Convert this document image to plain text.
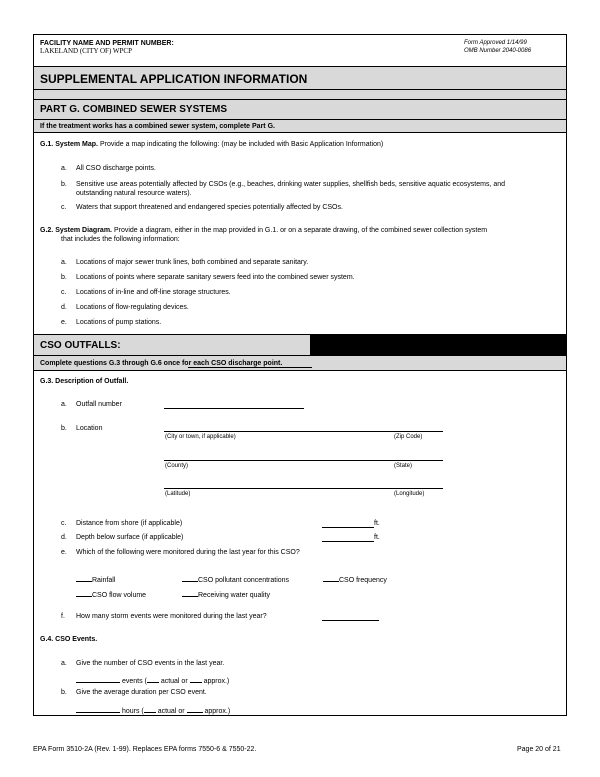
FACILITY NAME AND PERMIT NUMBER:
LAKELAND (CITY OF) WPCP
Form Approved 1/14/99
OMB Number 2040-0086
SUPPLEMENTAL APPLICATION INFORMATION
PART G. COMBINED SEWER SYSTEMS
If the treatment works has a combined sewer system, complete Part G.
G.1. System Map. Provide a map indicating the following: (may be included with Basic Application Information)
a. All CSO discharge points.
b. Sensitive use areas potentially affected by CSOs (e.g., beaches, drinking water supplies, shellfish beds, sensitive aquatic ecosystems, and
outstanding natural resource waters).
c. Waters that support threatened and endangered species potentially affected by CSOs.
G.2. System Diagram. Provide a diagram, either in the map provided in G.1. or on a separate drawing, of the combined sewer collection system
that includes the following information:
a. Locations of major sewer trunk lines, both combined and separate sanitary.
b. Locations of points where separate sanitary sewers feed into the combined sewer system.
c. Locations of in-line and off-line storage structures.
d. Locations of flow-regulating devices.
e. Locations of pump stations.
CSO OUTFALLS:
Complete questions G.3 through G.6 once for each CSO discharge point.
G.3. Description of Outfall.
a. Outfall number
b. Location
(City or town, if applicable)	(Zip Code)
(County)	(State)
(Latitude)	(Longitude)
c. Distance from shore (if applicable)	ft.
d. Depth below surface (if applicable)	ft.
e. Which of the following were monitored during the last year for this CSO?
Rainfall	CSO pollutant concentrations	CSO frequency
CSO flow volume	Receiving water quality
f. How many storm events were monitored during the last year?
G.4. CSO Events.
a. Give the number of CSO events in the last year.
events ( actual or approx.)
b. Give the average duration per CSO event.
hours ( actual or	approx.)
EPA Form 3510-2A (Rev. 1-99). Replaces EPA forms 7550-6 & 7550-22.	Page 20 of 21
